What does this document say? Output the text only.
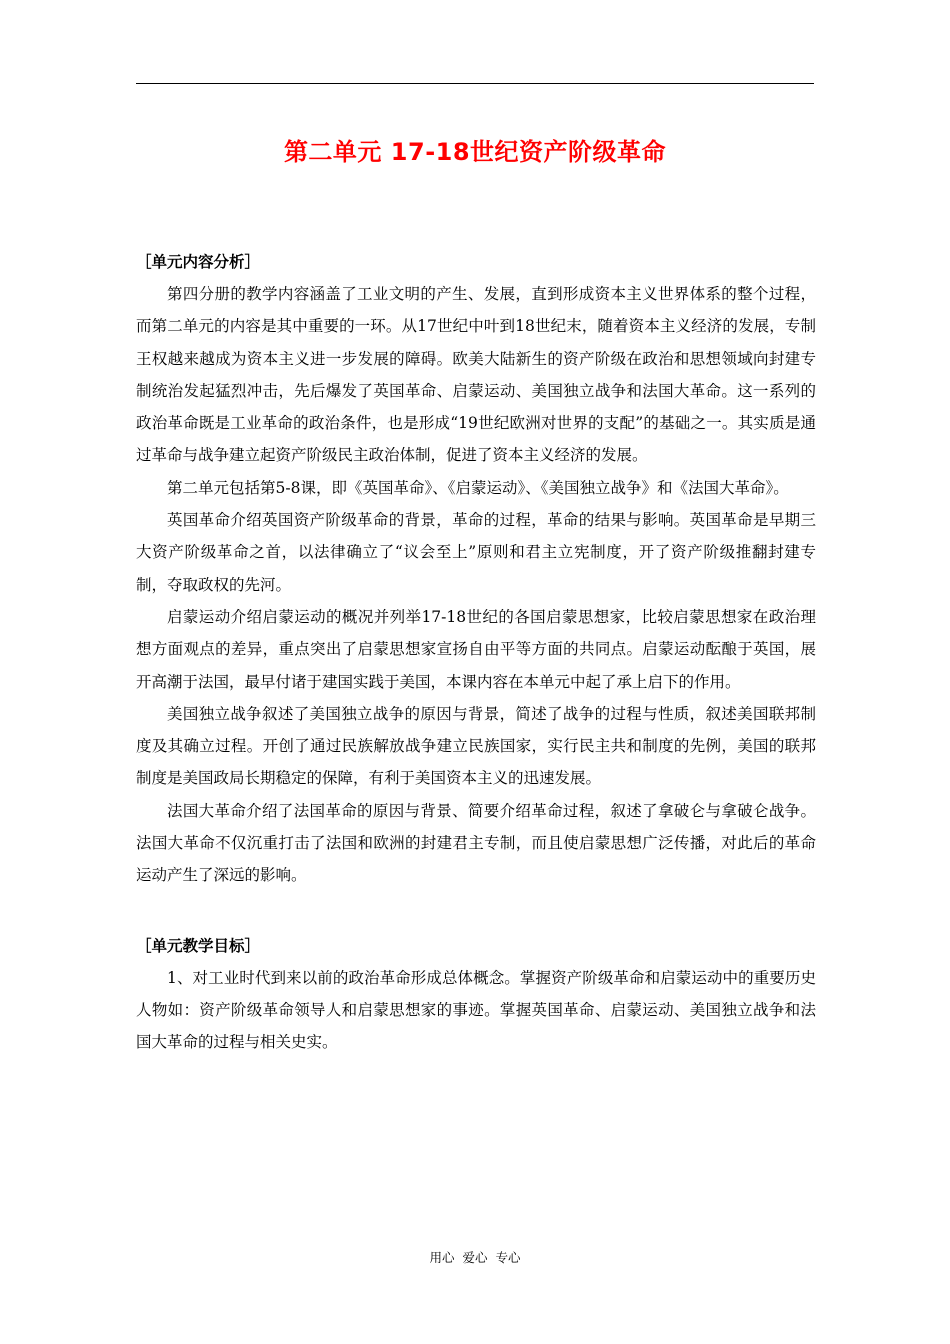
第二单元 17-18世纪资产阶级革命
［单元内容分析］

第四分册的教学内容涵盖了工业文明的产生、发展，直到形成资本主义世界体系的整个过程，而第二单元的内容是其中重要的一环。从17世纪中叶到18世纪末，随着资本主义经济的发展，专制王权越来越成为资本主义进一步发展的障碍。欧美大陆新生的资产阶级在政治和思想领域向封建专制统治发起猛烈冲击，先后爆发了英国革命、启蒙运动、美国独立战争和法国大革命。这一系列的政治革命既是工业革命的政治条件，也是形成“19世纪欧洲对世界的支配”的基础之一。其实质是通过革命与战争建立起资产阶级民主政治体制，促进了资本主义经济的发展。

第二单元包括第5-8课，即《英国革命》、《启蒙运动》、《美国独立战争》和《法国大革命》。

英国革命介绍英国资产阶级革命的背景，革命的过程，革命的结果与影响。英国革命是早期三大资产阶级革命之首，以法律确立了“议会至上”原则和君主立宪制度，开了资产阶级推翻封建专制，夺取政权的先河。

启蒙运动介绍启蒙运动的概况并列举17-18世纪的各国启蒙思想家，比较启蒙思想家在政治理想方面观点的差异，重点突出了启蒙思想家宣扬自由平等方面的共同点。启蒙运动酝酿于英国，展开高潮于法国，最早付诸于建国实践于美国，本课内容在本单元中起了承上启下的作用。

美国独立战争叙述了美国独立战争的原因与背景，简述了战争的过程与性质，叙述美国联邦制度及其确立过程。开创了通过民族解放战争建立民族国家，实行民主共和制度的先例，美国的联邦制度是美国政局长期稳定的保障，有利于美国资本主义的迅速发展。

法国大革命介绍了法国革命的原因与背景、简要介绍革命过程，叙述了拿破仑与拿破仑战争。法国大革命不仅沉重打击了法国和欧洲的封建君主专制，而且使启蒙思想广泛传播，对此后的革命运动产生了深远的影响。

［单元教学目标］

1、对工业时代到来以前的政治革命形成总体概念。掌握资产阶级革命和启蒙运动中的重要历史人物如：资产阶级革命领导人和启蒙思想家的事迹。掌握英国革命、启蒙运动、美国独立战争和法国大革命的过程与相关史实。

用心 爱心 专心
